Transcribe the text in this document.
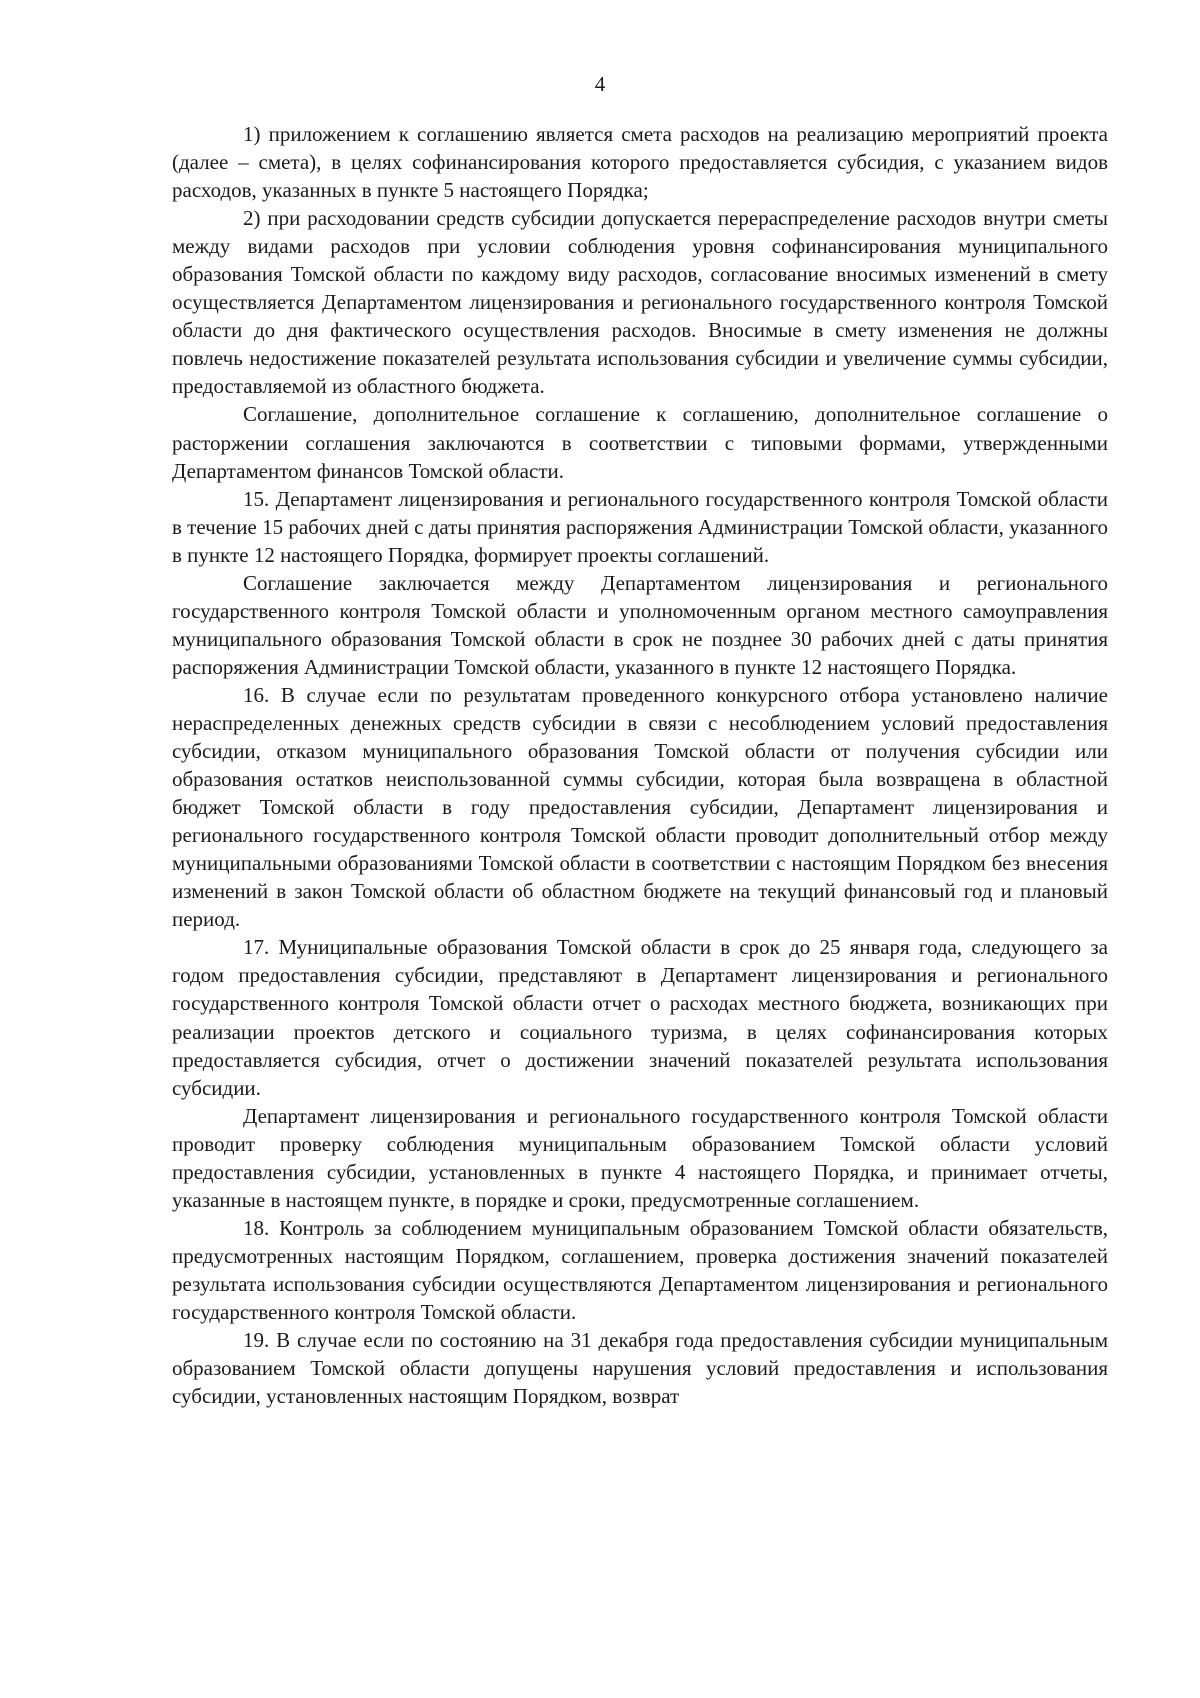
4

1) приложением к соглашению является смета расходов на реализацию мероприятий проекта (далее – смета), в целях софинансирования которого предоставляется субсидия, с указанием видов расходов, указанных в пункте 5 настоящего Порядка;

2) при расходовании средств субсидии допускается перераспределение расходов внутри сметы между видами расходов при условии соблюдения уровня софинансирования муниципального образования Томской области по каждому виду расходов, согласование вносимых изменений в смету осуществляется Департаментом лицензирования и регионального государственного контроля Томской области до дня фактического осуществления расходов. Вносимые в смету изменения не должны повлечь недостижение показателей результата использования субсидии и увеличение суммы субсидии, предоставляемой из областного бюджета.

Соглашение, дополнительное соглашение к соглашению, дополнительное соглашение о расторжении соглашения заключаются в соответствии с типовыми формами, утвержденными Департаментом финансов Томской области.

15. Департамент лицензирования и регионального государственного контроля Томской области в течение 15 рабочих дней с даты принятия распоряжения Администрации Томской области, указанного в пункте 12 настоящего Порядка, формирует проекты соглашений.

Соглашение заключается между Департаментом лицензирования и регионального государственного контроля Томской области и уполномоченным органом местного самоуправления муниципального образования Томской области в срок не позднее 30 рабочих дней с даты принятия распоряжения Администрации Томской области, указанного в пункте 12 настоящего Порядка.

16. В случае если по результатам проведенного конкурсного отбора установлено наличие нераспределенных денежных средств субсидии в связи с несоблюдением условий предоставления субсидии, отказом муниципального образования Томской области от получения субсидии или образования остатков неиспользованной суммы субсидии, которая была возвращена в областной бюджет Томской области в году предоставления субсидии, Департамент лицензирования и регионального государственного контроля Томской области проводит дополнительный отбор между муниципальными образованиями Томской области в соответствии с настоящим Порядком без внесения изменений в закон Томской области об областном бюджете на текущий финансовый год и плановый период.

17. Муниципальные образования Томской области в срок до 25 января года, следующего за годом предоставления субсидии, представляют в Департамент лицензирования и регионального государственного контроля Томской области отчет о расходах местного бюджета, возникающих при реализации проектов детского и социального туризма, в целях софинансирования которых предоставляется субсидия, отчет о достижении значений показателей результата использования субсидии.

Департамент лицензирования и регионального государственного контроля Томской области проводит проверку соблюдения муниципальным образованием Томской области условий предоставления субсидии, установленных в пункте 4 настоящего Порядка, и принимает отчеты, указанные в настоящем пункте, в порядке и сроки, предусмотренные соглашением.

18. Контроль за соблюдением муниципальным образованием Томской области обязательств, предусмотренных настоящим Порядком, соглашением, проверка достижения значений показателей результата использования субсидии осуществляются Департаментом лицензирования и регионального государственного контроля Томской области.

19. В случае если по состоянию на 31 декабря года предоставления субсидии муниципальным образованием Томской области допущены нарушения условий предоставления и использования субсидии, установленных настоящим Порядком, возврат
